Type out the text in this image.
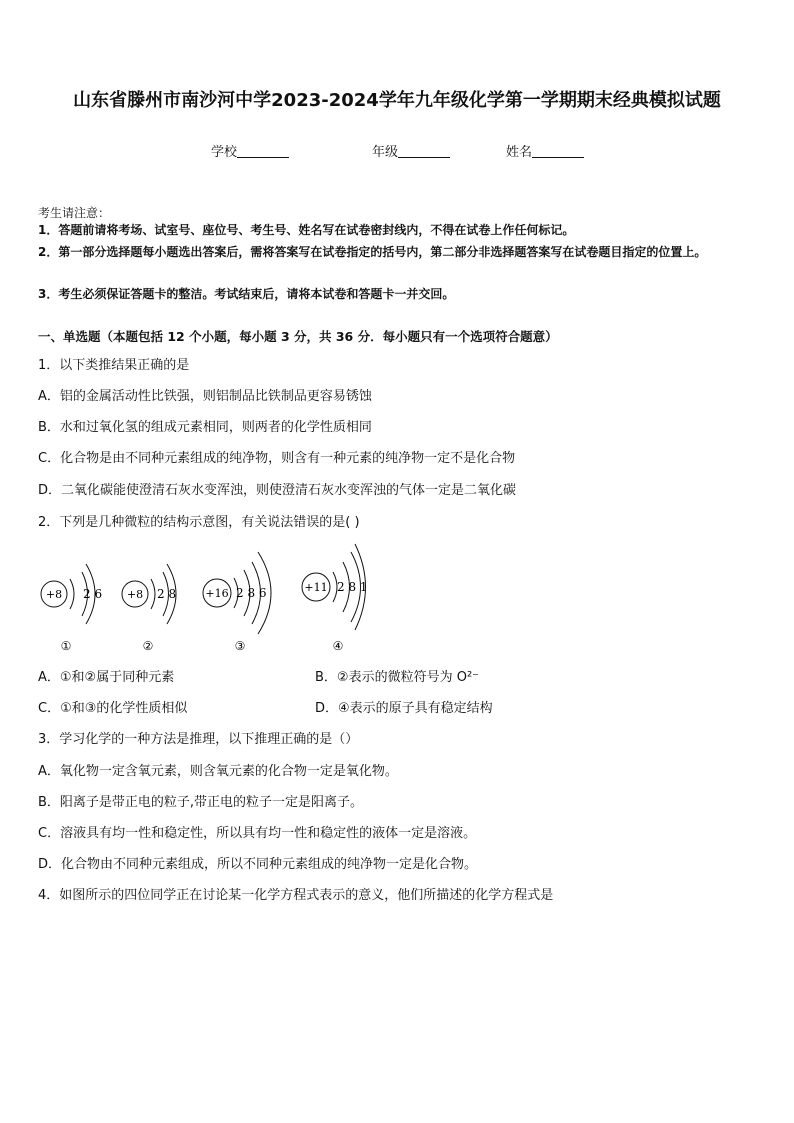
山东省滕州市南沙河中学2023-2024学年九年级化学第一学期期末经典模拟试题
学校	年级	姓名
考生请注意：
1．答题前请将考场、试室号、座位号、考生号、姓名写在试卷密封线内，不得在试卷上作任何标记。
2．第一部分选择题每小题选出答案后，需将答案写在试卷指定的括号内，第二部分非选择题答案写在试卷题目指定的位置上。
3．考生必须保证答题卡的整洁。考试结束后，请将本试卷和答题卡一并交回。
一、单选题（本题包括 12 个小题，每小题 3 分，共 36 分．每小题只有一个选项符合题意）
1．以下类推结果正确的是
A．铝的金属活动性比铁强，则铝制品比铁制品更容易锈蚀
B．水和过氧化氢的组成元素相同，则两者的化学性质相同
C．化合物是由不同种元素组成的纯净物，则含有一种元素的纯净物一定不是化合物
D．二氧化碳能使澄清石灰水变浑浊，则使澄清石灰水变浑浊的气体一定是二氧化碳
2．下列是几种微粒的结构示意图，有关说法错误的是( )
+8 2 6
①
+8 2 8
②
+16 2 8 6
③
+11 2 8 1
④
A．①和②属于同种元素	B．②表示的微粒符号为 O²⁻
C．①和③的化学性质相似	D．④表示的原子具有稳定结构
3．学习化学的一种方法是推理，以下推理正确的是（）
A．氧化物一定含氧元素，则含氧元素的化合物一定是氧化物。
B．阳离子是带正电的粒子,带正电的粒子一定是阳离子。
C．溶液具有均一性和稳定性，所以具有均一性和稳定性的液体一定是溶液。
D．化合物由不同种元素组成，所以不同种元素组成的纯净物一定是化合物。
4．如图所示的四位同学正在讨论某一化学方程式表示的意义，他们所描述的化学方程式是
